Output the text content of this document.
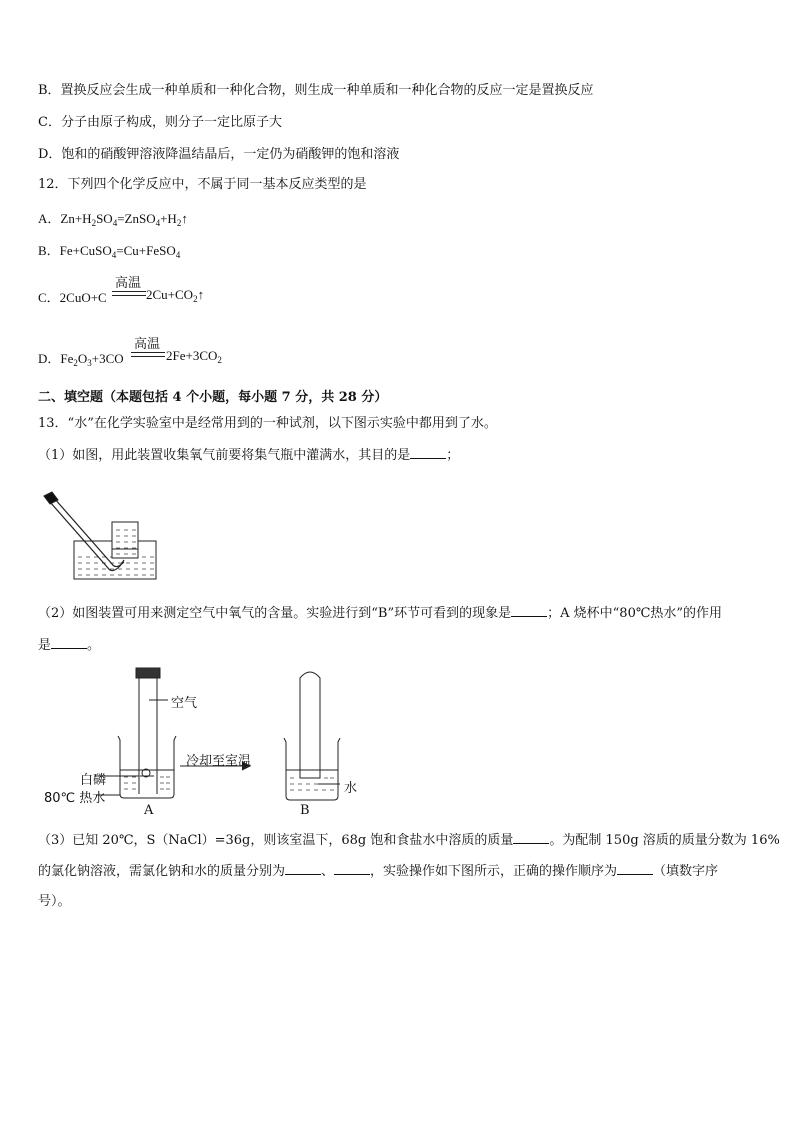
B．置换反应会生成一种单质和一种化合物，则生成一种单质和一种化合物的反应一定是置换反应
C．分子由原子构成，则分子一定比原子大
D．饱和的硝酸钾溶液降温结晶后，一定仍为硝酸钾的饱和溶液
12．下列四个化学反应中，不属于同一基本反应类型的是
A．$Zn+H_2SO_4=ZnSO_4+H_2↑$
B．Fe+CuSO$_4$=Cu+FeSO$_4$
C．2CuO+C
高温
$2Cu+CO_2↑$
D．$Fe_2O_3+3CO$
高温
$2Fe+3CO_2$
二、填空题（本题包括 4 个小题，每小题 7 分，共 28 分）
13．“水”在化学实验室中是经常用到的一种试剂，以下图示实验中都用到了水。
（1）如图，用此装置收集氧气前要将集气瓶中灌满水，其目的是	；
（2）如图装置可用来测定空气中氧气的含量。实验进行到“B”环节可看到的现象是	；A 烧杯中“80℃热水”的作用
是	。
空气
冷却至室温
白磷
80℃ 热水
水
A	B
（3）已知 20℃，S（NaCl）=36g，则该室温下，68g 饱和食盐水中溶质的质量	。为配制 150g 溶质的质量分数为 16%
的氯化钠溶液，需氯化钠和水的质量分别为	、	，实验操作如下图所示，正确的操作顺序为	（填数字序
号）。
